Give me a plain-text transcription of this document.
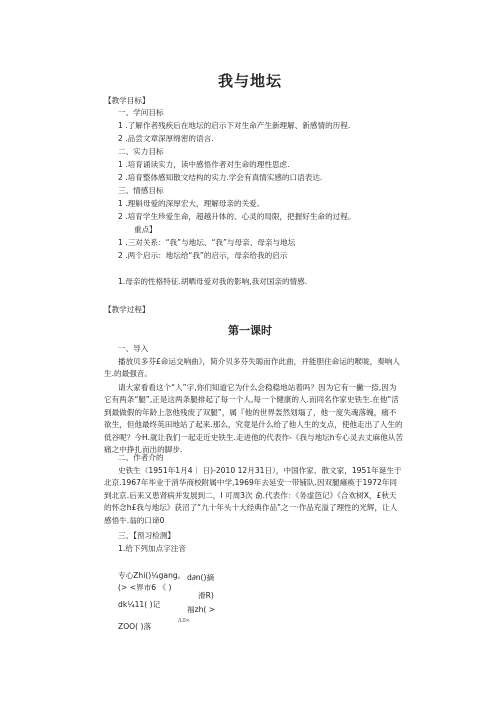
我与地坛
【教学目标】
一、学问目标
1 .了解作者残疾后在地坛的启示下对生命产生新理解、新感情的历程.
2 .品尝文章深厚绵密的语言.
二、实力目标
1 .培育诵读实力，读中感悟作者对生命的理性思虑.
2 .培育整体感知散文结构的实力.学会有真情实感的口语表达.
三、情感目标
1 .理斛母爱的深厚宏大，理解母亲的关爱。
2 .培育学生珍爱生命，超越升体的、心灵的局限，把握好生命的过程。
重点】
1 .三对关系：“我”与地坛、“我”与母亲、母亲与地坛
2 .两个启示：地坛给“我”的启示，母亲给我的启示
1.母亲的性格特征.胡晒母爱对我的影响,我对国亲的情感.
【教学过程】
第一课时
一、导入
播放贝多芬£命运交响曲》，简介贝多芬失聪而作此曲，并能胆住命运的喉咙，奏响人生.的最强音。
请大家看看这个“人”字,你们知道它为什么会稳稳地站着吗？因为它有一撇一捺,因为它有两条“腿”,正是这两条腿排起了每一个人,每一个健康的人.而同名作家史铁生.在他“活到最做假的年龄上忽他残废了双腿”，属『他的世界轰然划塌了，他一度失魂落魄，痛不欲生，但他最终英田地站了起来.那么，究竟是什么给了他人生的支点，使他走出了人生的低谷呢？今H.就让我们一起走近史铁生.走进他的代表作-《我与地坛h专心灵去丈麻他从苦痛之中挣扎而出的脚步.
二、作者介的
史铁生（1951年1月4｜ 日)-2010 12月31日），中国作家、散文家，1951年诞生于北京.1967年毕业于消华商校附属中学,1969年去延安一带铺队.因双腿瘫痪于1972年同到北京.后来又患肾病并发展到二，I 可周3次 俞.代表作：《务虚笆记》《合欢树X，£秋天的怀念h£我与地坛》获沼了“九十年头十大经典作品”之一·作品充溢了理性的光辉，让人感悟牛.翁的口谛0
三、【预习检测】
1.给下列加点字注音
专心Zhi()¼gang。
(> <界市6 《 )
dk¼11( )记
ZOO( )落
d∂n()摘
滑R)
福zh( >
/L0×
